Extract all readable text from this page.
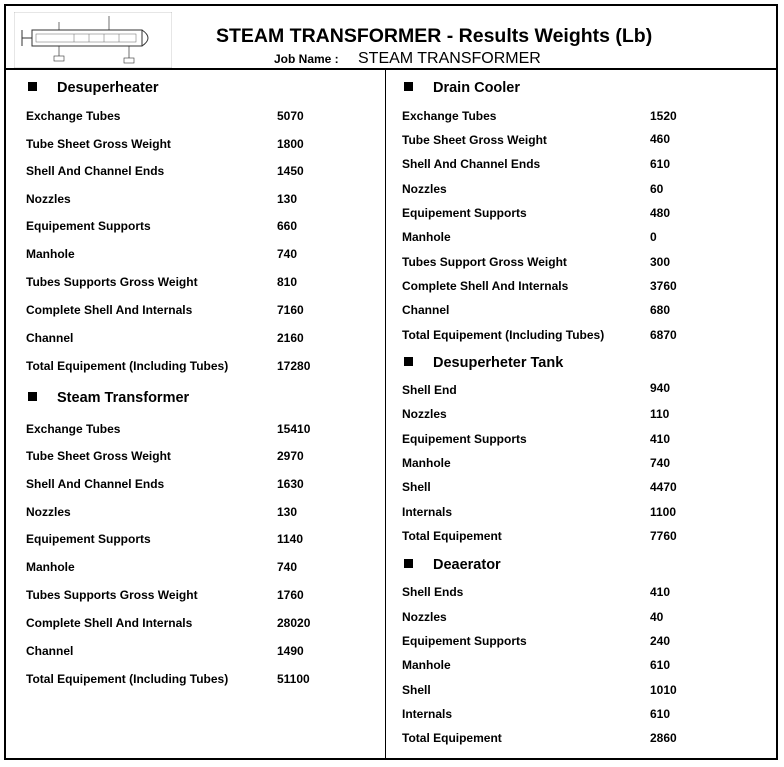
STEAM TRANSFORMER - Results Weights (Lb)
Job Name : STEAM TRANSFORMER
Desuperheater
Exchange Tubes	5070
Tube Sheet Gross Weight	1800
Shell And Channel Ends	1450
Nozzles	130
Equipement Supports	660
Manhole	740
Tubes Supports Gross Weight	810
Complete Shell And Internals	7160
Channel	2160
Total Equipement (Including Tubes)	17280
Steam Transformer
Exchange Tubes	15410
Tube Sheet Gross Weight	2970
Shell And Channel Ends	1630
Nozzles	130
Equipement Supports	1140
Manhole	740
Tubes Supports Gross Weight	1760
Complete Shell And Internals	28020
Channel	1490
Total Equipement (Including Tubes)	51100
Drain Cooler
Exchange Tubes	1520
Tube Sheet Gross Weight	460
Shell And Channel Ends	610
Nozzles	60
Equipement Supports	480
Manhole	0
Tubes Support Gross Weight	300
Complete Shell And Internals	3760
Channel	680
Total Equipement (Including Tubes)	6870
Desuperheter Tank
Shell End	940
Nozzles	110
Equipement Supports	410
Manhole	740
Shell	4470
Internals	1100
Total Equipement	7760
Deaerator
Shell Ends	410
Nozzles	40
Equipement Supports	240
Manhole	610
Shell	1010
Internals	610
Total Equipement	2860
